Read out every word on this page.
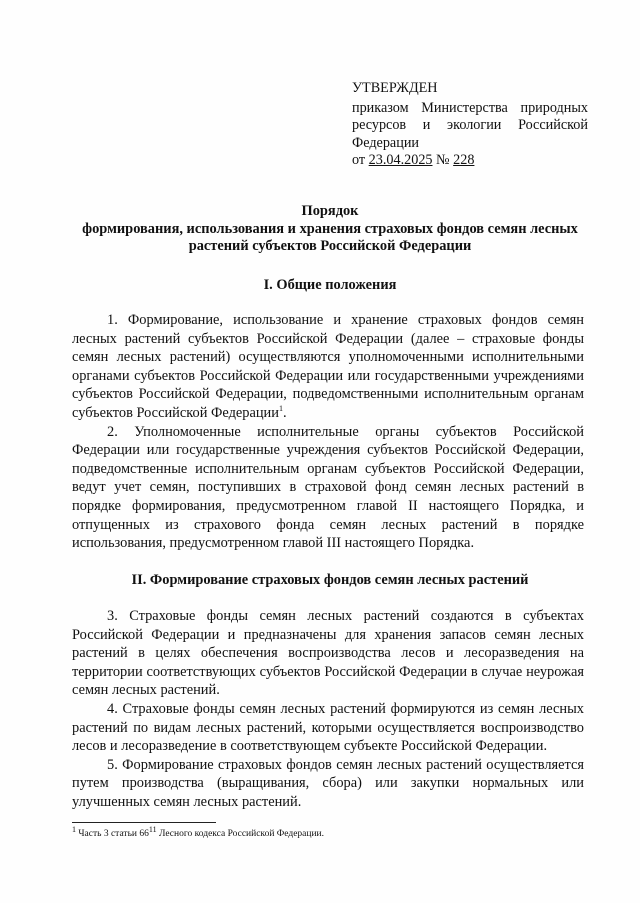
УТВЕРЖДЕН
приказом Министерства природных
ресурсов и экологии Российской
Федерации
от 23.04.2025 № 228
Порядок
формирования, использования и хранения страховых фондов семян лесных
растений субъектов Российской Федерации
I. Общие положения

1. Формирование, использование и хранение страховых фондов семян лесных растений субъектов Российской Федерации (далее – страховые фонды семян лесных растений) осуществляются уполномоченными исполнительными органами субъектов Российской Федерации или государственными учреждениями субъектов Российской Федерации, подведомственными исполнительным органам субъектов Российской Федерации$^1$.

2. Уполномоченные исполнительные органы субъектов Российской Федерации или государственные учреждения субъектов Российской Федерации, подведомственные исполнительным органам субъектов Российской Федерации, ведут учет семян, поступивших в страховой фонд семян лесных растений в порядке формирования, предусмотренном главой II настоящего Порядка, и отпущенных из страхового фонда семян лесных растений в порядке использования, предусмотренном главой III настоящего Порядка.

II. Формирование страховых фондов семян лесных растений

3. Страховые фонды семян лесных растений создаются в субъектах Российской Федерации и предназначены для хранения запасов семян лесных растений в целях обеспечения воспроизводства лесов и лесоразведения на территории соответствующих субъектов Российской Федерации в случае неурожая семян лесных растений.

4. Страховые фонды семян лесных растений формируются из семян лесных растений по видам лесных растений, которыми осуществляется воспроизводство лесов и лесоразведение в соответствующем субъекте Российской Федерации.

5. Формирование страховых фондов семян лесных растений осуществляется путем производства (выращивания, сбора) или закупки нормальных или улучшенных семян лесных растений.

$^1$ Часть 3 статьи $66^{11}$ Лесного кодекса Российской Федерации.
